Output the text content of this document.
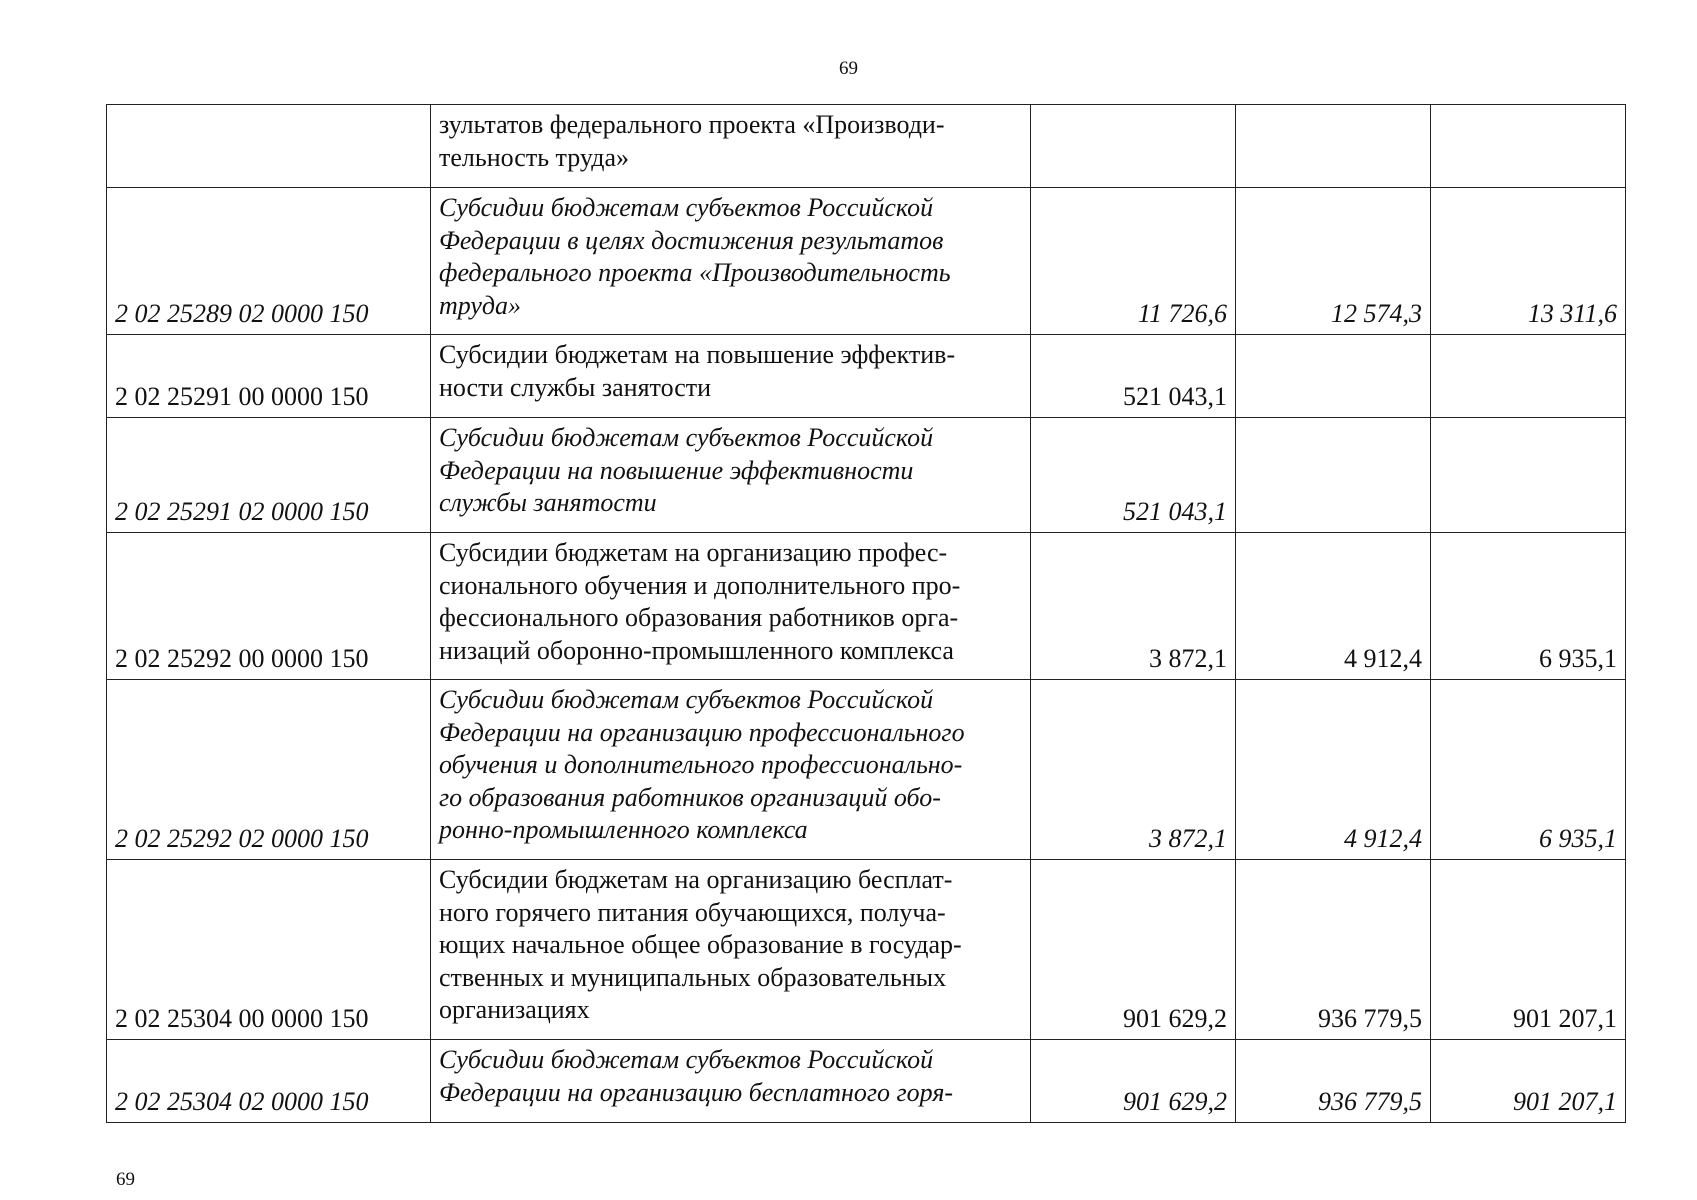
69
	зультатов федерального проекта «Производи-
тельность труда»			
2 02 25289 02 0000 150	Субсидии бюджетам субъектов Российской
Федерации в целях достижения результатов
федерального проекта «Производительность
труда»	11 726,6	12 574,3	13 311,6
2 02 25291 00 0000 150	Субсидии бюджетам на повышение эффектив-
ности службы занятости	521 043,1		
2 02 25291 02 0000 150	Субсидии бюджетам субъектов Российской
Федерации на повышение эффективности
службы занятости	521 043,1		
2 02 25292 00 0000 150	Субсидии бюджетам на организацию профес-
сионального обучения и дополнительного про-
фессионального образования работников орга-
низаций оборонно-промышленного комплекса	3 872,1	4 912,4	6 935,1
2 02 25292 02 0000 150	Субсидии бюджетам субъектов Российской
Федерации на организацию профессионального
обучения и дополнительного профессионально-
го образования работников организаций обо-
ронно-промышленного комплекса	3 872,1	4 912,4	6 935,1
2 02 25304 00 0000 150	Субсидии бюджетам на организацию бесплат-
ного горячего питания обучающихся, получа-
ющих начальное общее образование в государ-
ственных и муниципальных образовательных
организациях	901 629,2	936 779,5	901 207,1
2 02 25304 02 0000 150	Субсидии бюджетам субъектов Российской
Федерации на организацию бесплатного горя-	901 629,2	936 779,5	901 207,1
69
